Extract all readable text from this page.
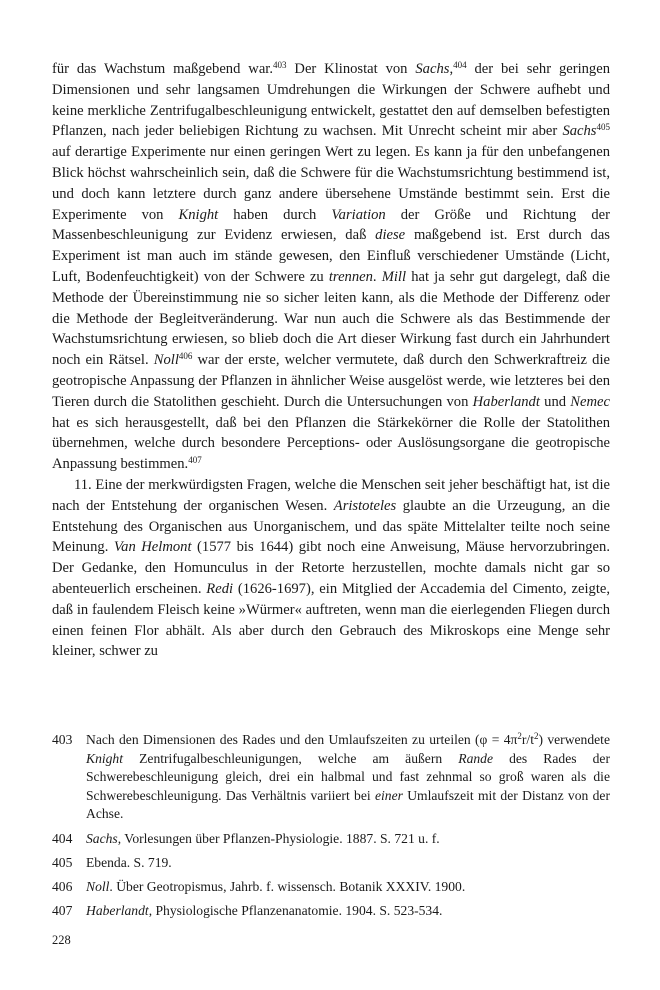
für das Wachstum maßgebend war.$^{403}$ Der Klinostat von Sachs,$^{404}$ der bei sehr geringen Dimensionen und sehr langsamen Umdrehungen die Wirkungen der Schwere aufhebt und keine merkliche Zentrifugalbeschleunigung entwickelt, gestattet den auf demselben befestigten Pflanzen, nach jeder beliebigen Richtung zu wachsen. Mit Unrecht scheint mir aber Sachs$^{405}$ auf derartige Experimente nur einen geringen Wert zu legen. Es kann ja für den unbefangenen Blick höchst wahrscheinlich sein, daß die Schwere für die Wachstumsrichtung bestimmend ist, und doch kann letztere durch ganz andere übersehene Umstände bestimmt sein. Erst die Experimente von Knight haben durch Variation der Größe und Richtung der Massenbeschleunigung zur Evidenz erwiesen, daß diese maßgebend ist. Erst durch das Experiment ist man auch im stände gewesen, den Einfluß verschiedener Umstände (Licht, Luft, Bodenfeuchtigkeit) von der Schwere zu trennen. Mill hat ja sehr gut dargelegt, daß die Methode der Übereinstimmung nie so sicher leiten kann, als die Methode der Differenz oder die Methode der Begleitveränderung. War nun auch die Schwere als das Bestimmende der Wachstumsrichtung erwiesen, so blieb doch die Art dieser Wirkung fast durch ein Jahrhundert noch ein Rätsel. Noll$^{406}$ war der erste, welcher vermutete, daß durch den Schwerkraftreiz die geotropische Anpassung der Pflanzen in ähnlicher Weise ausgelöst werde, wie letzteres bei den Tieren durch die Statolithen geschieht. Durch die Untersuchungen von Haberlandt und Nemec hat es sich herausgestellt, daß bei den Pflanzen die Stärkekörner die Rolle der Statolithen übernehmen, welche durch besondere Perceptions- oder Auslösungsorgane die geotropische Anpassung bestimmen.$^{407}$

11. Eine der merkwürdigsten Fragen, welche die Menschen seit jeher beschäftigt hat, ist die nach der Entstehung der organischen Wesen. Aristoteles glaubte an die Urzeugung, an die Entstehung des Organischen aus Unorganischem, und das späte Mittelalter teilte noch seine Meinung. Van Helmont (1577 bis 1644) gibt noch eine Anweisung, Mäuse hervorzubringen. Der Gedanke, den Homunculus in der Retorte herzustellen, mochte damals nicht gar so abenteuerlich erscheinen. Redi (1626-1697), ein Mitglied der Accademia del Cimento, zeigte, daß in faulendem Fleisch keine »Würmer« auftreten, wenn man die eierlegenden Fliegen durch einen feinen Flor abhält. Als aber durch den Gebrauch des Mikroskops eine Menge sehr kleiner, schwer zu

403	Nach den Dimensionen des Rades und den Umlaufszeiten zu urteilen $(\varphi = 4\pi^2r/t^2)$ verwendete Knight Zentrifugalbeschleunigungen, welche am äußern Rande des Rades der Schwerebeschleunigung gleich, drei ein halbmal und fast zehnmal so groß waren als die Schwerebeschleunigung. Das Verhältnis variiert bei einer Umlaufszeit mit der Distanz von der Achse.
404	Sachs, Vorlesungen über Pflanzen-Physiologie. 1887. S. 721 u. f.
405	Ebenda. S. 719.
406	Noll. Über Geotropismus, Jahrb. f. wissensch. Botanik XXXIV. 1900.
407	Haberlandt, Physiologische Pflanzenanatomie. 1904. S. 523-534.
228
